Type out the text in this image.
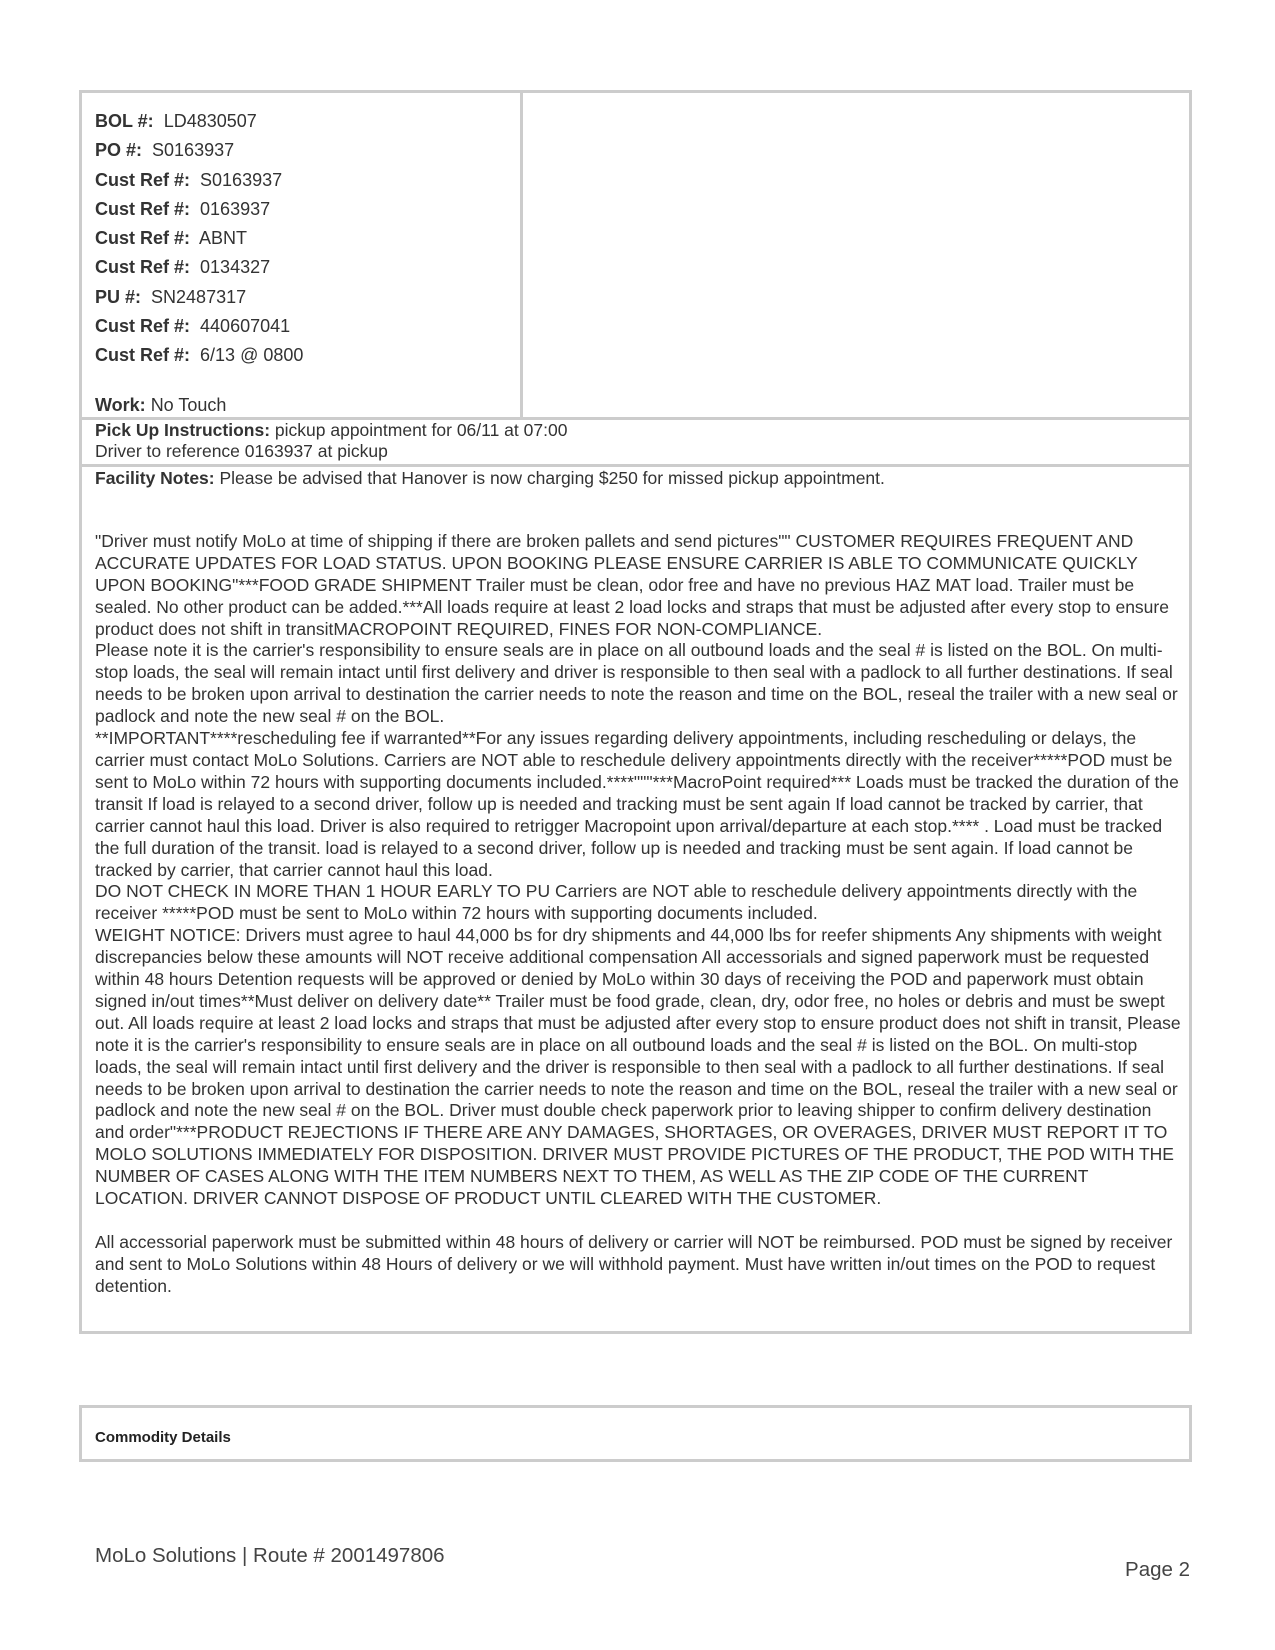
BOL #: LD4830507
PO #: S0163937
Cust Ref #: S0163937
Cust Ref #: 0163937
Cust Ref #: ABNT
Cust Ref #: 0134327
PU #: SN2487317
Cust Ref #: 440607041
Cust Ref #: 6/13 @ 0800
Work: No Touch
Pick Up Instructions: pickup appointment for 06/11 at 07:00
Driver to reference 0163937 at pickup

Facility Notes: Please be advised that Hanover is now charging $250 for missed pickup appointment.

"Driver must notify MoLo at time of shipping if there are broken pallets and send pictures"" CUSTOMER REQUIRES FREQUENT AND ACCURATE UPDATES FOR LOAD STATUS. UPON BOOKING PLEASE ENSURE CARRIER IS ABLE TO COMMUNICATE QUICKLY UPON BOOKING"***FOOD GRADE SHIPMENT Trailer must be clean, odor free and have no previous HAZ MAT load. Trailer must be sealed. No other product can be added.***All loads require at least 2 load locks and straps that must be adjusted after every stop to ensure product does not shift in transitMACROPOINT REQUIRED, FINES FOR NON-COMPLIANCE.

Please note it is the carrier's responsibility to ensure seals are in place on all outbound loads and the seal # is listed on the BOL. On multi-stop loads, the seal will remain intact until first delivery and driver is responsible to then seal with a padlock to all further destinations. If seal needs to be broken upon arrival to destination the carrier needs to note the reason and time on the BOL, reseal the trailer with a new seal or padlock and note the new seal # on the BOL.

**IMPORTANT****rescheduling fee if warranted**For any issues regarding delivery appointments, including rescheduling or delays, the carrier must contact MoLo Solutions. Carriers are NOT able to reschedule delivery appointments directly with the receiver*****POD must be sent to MoLo within 72 hours with supporting documents included.****"""***MacroPoint required*** Loads must be tracked the duration of the transit If load is relayed to a second driver, follow up is needed and tracking must be sent again If load cannot be tracked by carrier, that carrier cannot haul this load. Driver is also required to retrigger Macropoint upon arrival/departure at each stop.**** . Load must be tracked the full duration of the transit. load is relayed to a second driver, follow up is needed and tracking must be sent again. If load cannot be tracked by carrier, that carrier cannot haul this load.

DO NOT CHECK IN MORE THAN 1 HOUR EARLY TO PU Carriers are NOT able to reschedule delivery appointments directly with the receiver *****POD must be sent to MoLo within 72 hours with supporting documents included.

WEIGHT NOTICE: Drivers must agree to haul 44,000 bs for dry shipments and 44,000 lbs for reefer shipments Any shipments with weight discrepancies below these amounts will NOT receive additional compensation All accessorials and signed paperwork must be requested within 48 hours Detention requests will be approved or denied by MoLo within 30 days of receiving the POD and paperwork must obtain signed in/out times**Must deliver on delivery date** Trailer must be food grade, clean, dry, odor free, no holes or debris and must be swept out. All loads require at least 2 load locks and straps that must be adjusted after every stop to ensure product does not shift in transit, Please note it is the carrier's responsibility to ensure seals are in place on all outbound loads and the seal # is listed on the BOL. On multi-stop loads, the seal will remain intact until first delivery and the driver is responsible to then seal with a padlock to all further destinations. If seal needs to be broken upon arrival to destination the carrier needs to note the reason and time on the BOL, reseal the trailer with a new seal or padlock and note the new seal # on the BOL. Driver must double check paperwork prior to leaving shipper to confirm delivery destination and order"***PRODUCT REJECTIONS IF THERE ARE ANY DAMAGES, SHORTAGES, OR OVERAGES, DRIVER MUST REPORT IT TO MOLO SOLUTIONS IMMEDIATELY FOR DISPOSITION. DRIVER MUST PROVIDE PICTURES OF THE PRODUCT, THE POD WITH THE NUMBER OF CASES ALONG WITH THE ITEM NUMBERS NEXT TO THEM, AS WELL AS THE ZIP CODE OF THE CURRENT LOCATION. DRIVER CANNOT DISPOSE OF PRODUCT UNTIL CLEARED WITH THE CUSTOMER.

All accessorial paperwork must be submitted within 48 hours of delivery or carrier will NOT be reimbursed. POD must be signed by receiver and sent to MoLo Solutions within 48 Hours of delivery or we will withhold payment. Must have written in/out times on the POD to request detention.

Commodity Details
MoLo Solutions | Route # 2001497806
Page 2
